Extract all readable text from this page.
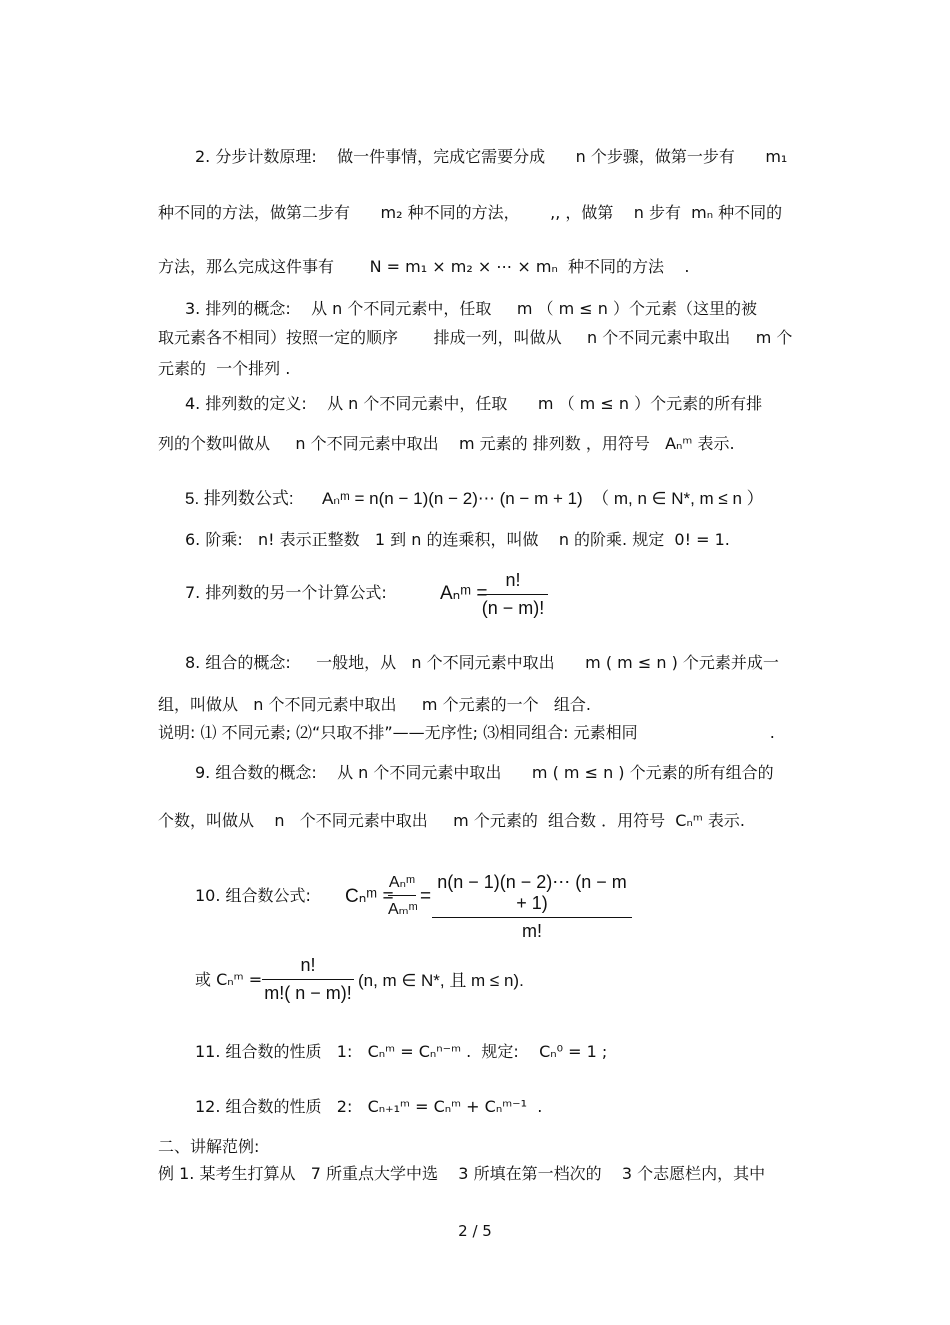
2. 分步计数原理:    做一件事情，完成它需要分成      n 个步骤，做第一步有      m₁
种不同的方法，做第二步有      m₂ 种不同的方法，      ,, ，做第    n 步有  mₙ 种不同的
方法，那么完成这件事有       N = m₁ × m₂ × ⋯ × mₙ  种不同的方法    .
3. 排列的概念:    从 n 个不同元素中，任取     m （ m ≤ n ）个元素（这里的被
取元素各不相同）按照一定的顺序       排成一列，叫做从     n 个不同元素中取出     m 个
元素的  一个排列 .
4. 排列数的定义:    从 n 个不同元素中，任取      m （ m ≤ n ）个元素的所有排
列的个数叫做从     n 个不同元素中取出    m 元素的 排列数 ，用符号   Aₙᵐ 表示.
5. 排列数公式:      Aₙᵐ = n(n − 1)(n − 2)⋯ (n − m + 1)  （ m, n ∈ N*, m ≤ n ）
6. 阶乘:   n! 表示正整数   1 到 n 的连乘积，叫做    n 的阶乘. 规定  0! = 1.
7. 排列数的另一个计算公式:	Aₙᵐ =
n!
(n − m)!
8. 组合的概念:     一般地，从   n 个不同元素中取出      m ( m ≤ n ) 个元素并成一
组，叫做从   n 个不同元素中取出     m 个元素的一个   组合.
说明: ⑴ 不同元素; ⑵“只取不排”——无序性; ⑶相同组合: 元素相同                          .
9. 组合数的概念:    从 n 个不同元素中取出      m ( m ≤ n ) 个元素的所有组合的
个数，叫做从    n   个不同元素中取出     m 个元素的  组合数 ．用符号  Cₙᵐ 表示.
10. 组合数公式: Cₙᵐ =
Aₙᵐ
Aₘᵐ
=
n(n − 1)(n − 2)⋯ (n − m + 1)
m!
或 Cₙᵐ =
n!
m!( n − m)!
(n, m ∈ N*, 且 m ≤ n).
11. 组合数的性质   1:   Cₙᵐ = Cₙⁿ⁻ᵐ .  规定:    Cₙ⁰ = 1 ;
12. 组合数的性质   2:   Cₙ₊₁ᵐ = Cₙᵐ + Cₙᵐ⁻¹  .
二、讲解范例:
例 1. 某考生打算从   7 所重点大学中选    3 所填在第一档次的    3 个志愿栏内，其中
2 / 5
